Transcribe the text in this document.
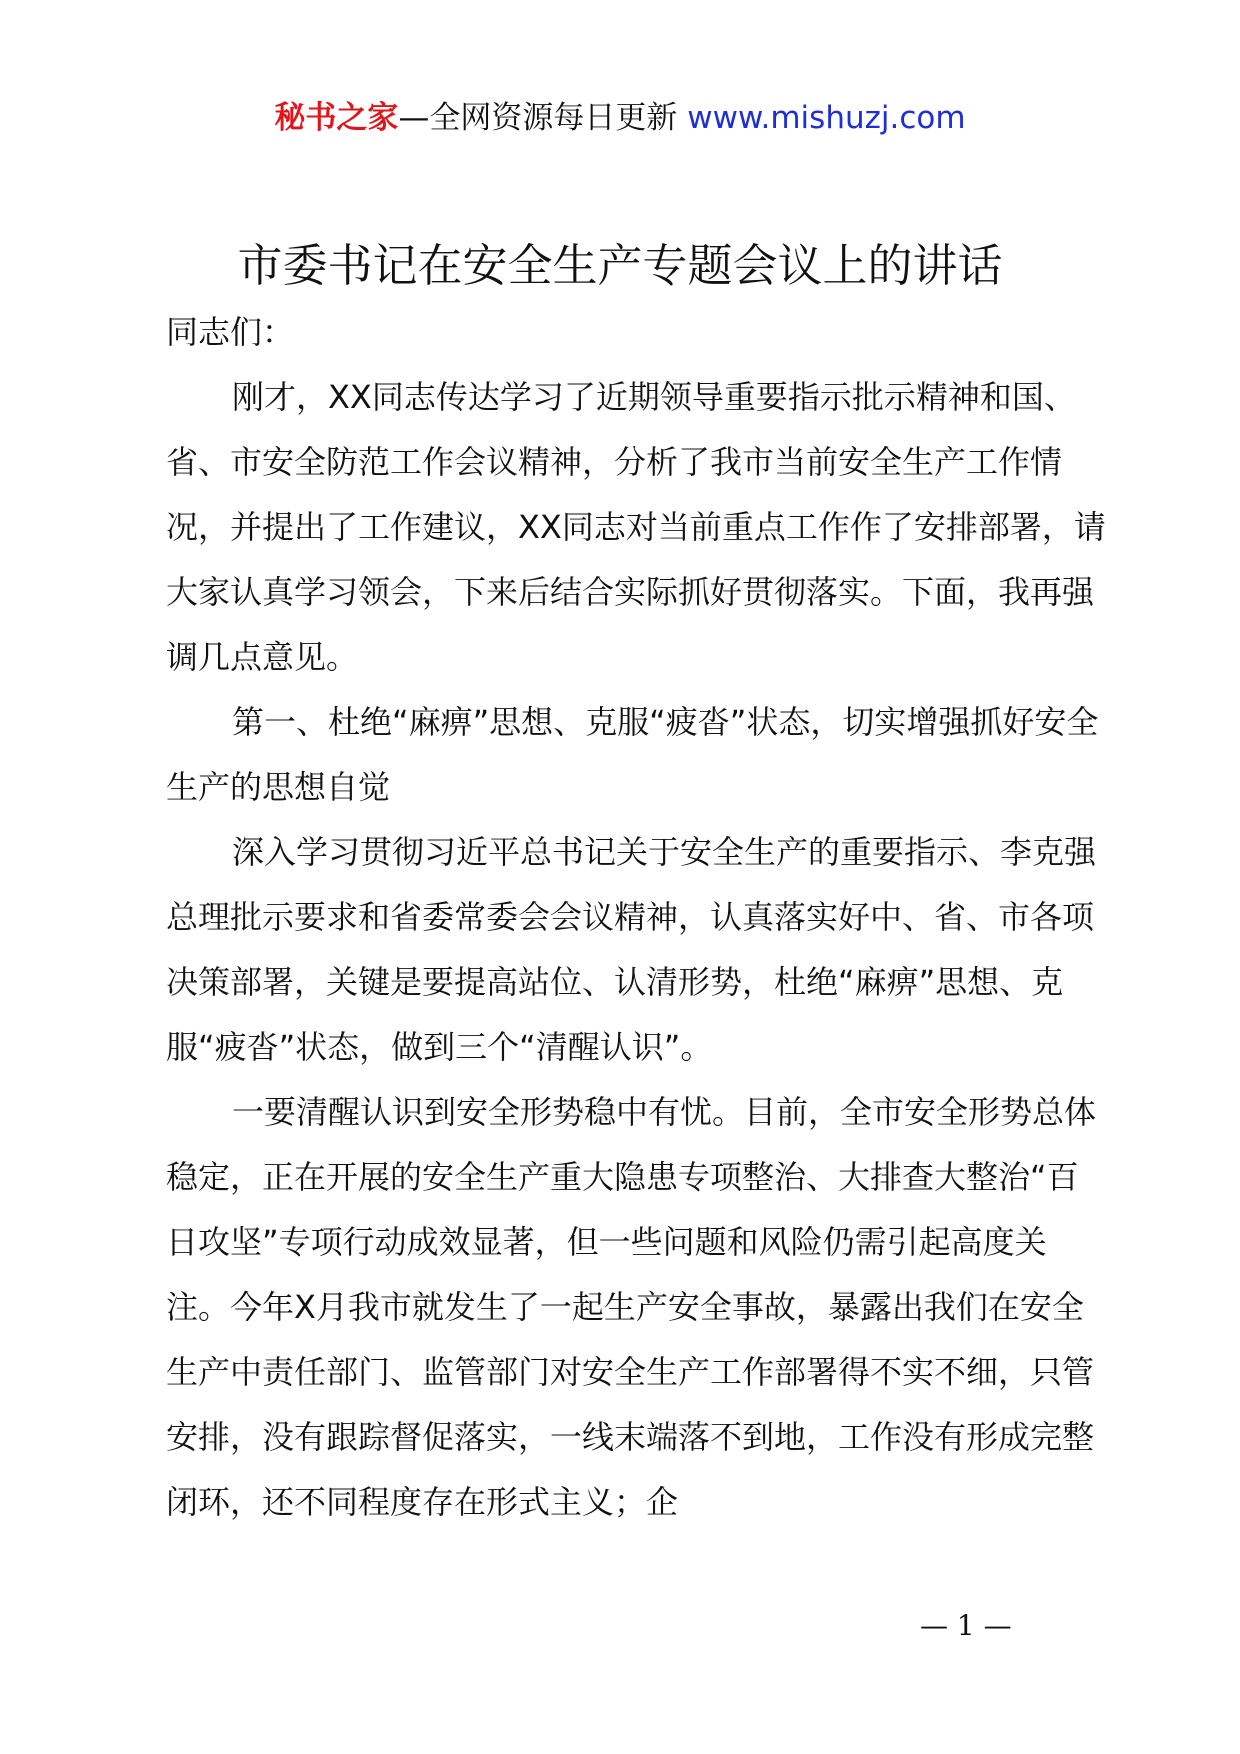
秘书之家—全网资源每日更新 www.mishuzj.com
市委书记在安全生产专题会议上的讲话

同志们：

刚才，XX同志传达学习了近期领导重要指示批示精神和国、省、市安全防范工作会议精神，分析了我市当前安全生产工作情况，并提出了工作建议，XX同志对当前重点工作作了安排部署，请大家认真学习领会，下来后结合实际抓好贯彻落实。下面，我再强调几点意见。

第一、杜绝“麻痹”思想、克服“疲沓”状态，切实增强抓好安全生产的思想自觉

深入学习贯彻习近平总书记关于安全生产的重要指示、李克强总理批示要求和省委常委会会议精神，认真落实好中、省、市各项决策部署，关键是要提高站位、认清形势，杜绝“麻痹”思想、克服“疲沓”状态，做到三个“清醒认识”。

一要清醒认识到安全形势稳中有忧。目前，全市安全形势总体稳定，正在开展的安全生产重大隐患专项整治、大排查大整治“百日攻坚”专项行动成效显著，但一些问题和风险仍需引起高度关注。今年X月我市就发生了一起生产安全事故，暴露出我们在安全生产中责任部门、监管部门对安全生产工作部署得不实不细，只管安排，没有跟踪督促落实，一线末端落不到地，工作没有形成完整闭环，还不同程度存在形式主义；企

— 1 —
